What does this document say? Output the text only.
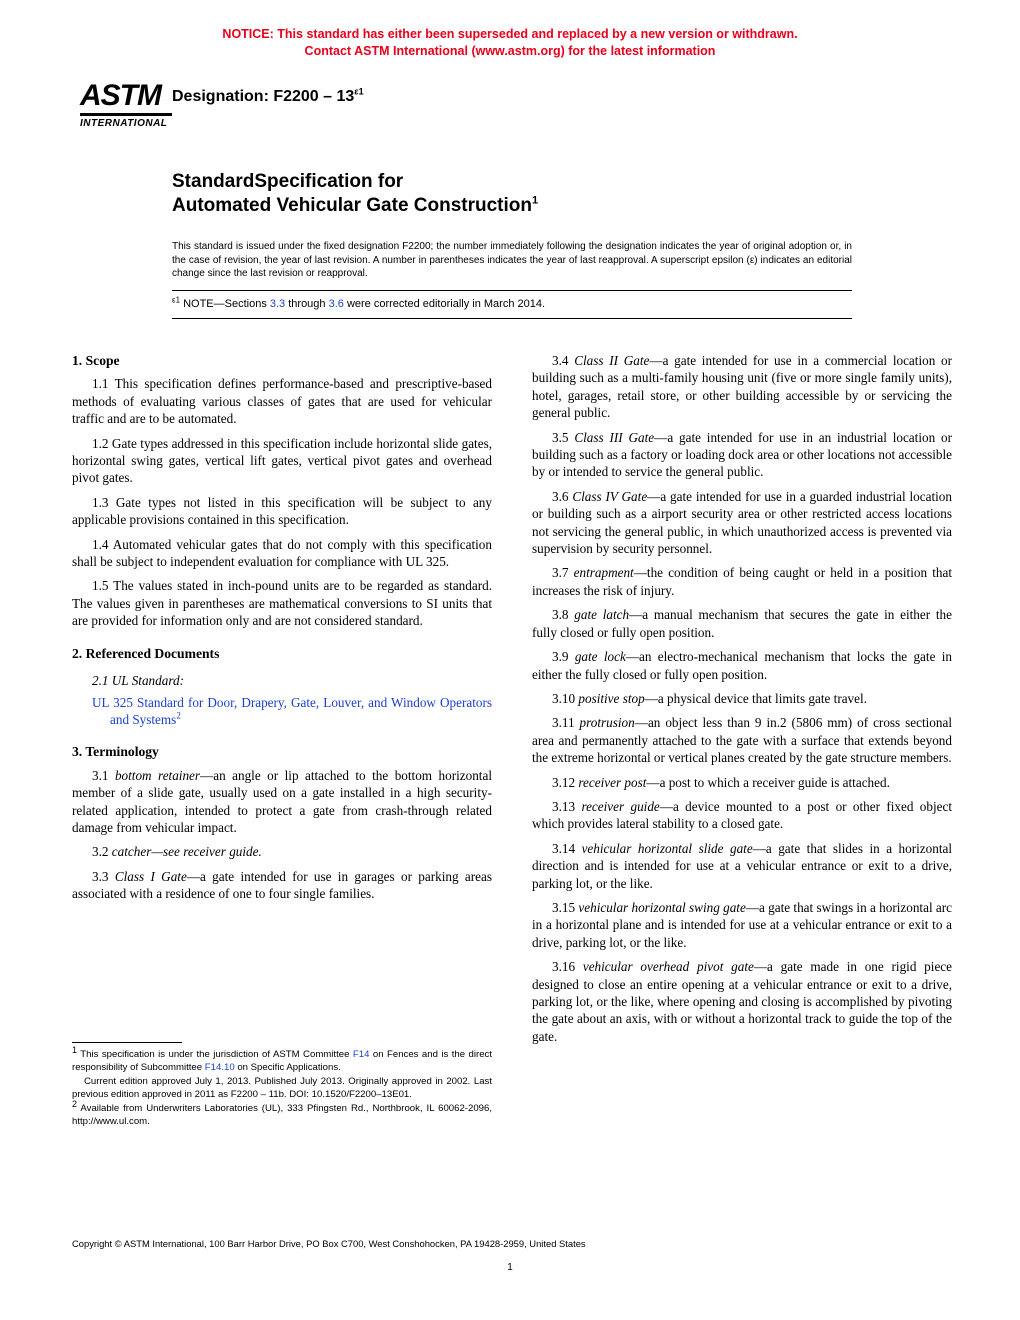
NOTICE: This standard has either been superseded and replaced by a new version or withdrawn.
Contact ASTM International (www.astm.org) for the latest information
ASTM
INTERNATIONAL
Designation: $F2200 - 13^{\varepsilon 1}$
StandardSpecification for
Automated Vehicular Gate Construction$^1$
This standard is issued under the fixed designation F2200; the number immediately following the designation indicates the year of original adoption or, in the case of revision, the year of last revision. A number in parentheses indicates the year of last reapproval. A superscript epsilon (ε) indicates an editorial change since the last revision or reapproval.
$^{\varepsilon 1}$ NOTE—Sections 3.3 through 3.6 were corrected editorially in March 2014.
1. Scope

1.1 This specification defines performance-based and prescriptive-based methods of evaluating various classes of gates that are used for vehicular traffic and are to be automated.

1.2 Gate types addressed in this specification include horizontal slide gates, horizontal swing gates, vertical lift gates, vertical pivot gates and overhead pivot gates.

1.3 Gate types not listed in this specification will be subject to any applicable provisions contained in this specification.

1.4 Automated vehicular gates that do not comply with this specification shall be subject to independent evaluation for compliance with UL 325.

1.5 The values stated in inch-pound units are to be regarded as standard. The values given in parentheses are mathematical conversions to SI units that are provided for information only and are not considered standard.

2. Referenced Documents
2.1 UL Standard:

UL 325 Standard for Door, Drapery, Gate, Louver, and Window Operators and Systems$^2$

3. Terminology

3.1 bottom retainer—an angle or lip attached to the bottom horizontal member of a slide gate, usually used on a gate installed in a high security-related application, intended to protect a gate from crash-through related damage from vehicular impact.

3.2 catcher—see receiver guide.

3.3 Class I Gate—a gate intended for use in garages or parking areas associated with a residence of one to four single families.

3.4 Class II Gate—a gate intended for use in a commercial location or building such as a multi-family housing unit (five or more single family units), hotel, garages, retail store, or other building accessible by or servicing the general public.

3.5 Class III Gate—a gate intended for use in an industrial location or building such as a factory or loading dock area or other locations not accessible by or intended to service the general public.

3.6 Class IV Gate—a gate intended for use in a guarded industrial location or building such as a airport security area or other restricted access locations not servicing the general public, in which unauthorized access is prevented via supervision by security personnel.

3.7 entrapment—the condition of being caught or held in a position that increases the risk of injury.

3.8 gate latch—a manual mechanism that secures the gate in either the fully closed or fully open position.

3.9 gate lock—an electro-mechanical mechanism that locks the gate in either the fully closed or fully open position.

3.10 positive stop—a physical device that limits gate travel.

3.11 protrusion—an object less than 9 in.2 (5806 mm) of cross sectional area and permanently attached to the gate with a surface that extends beyond the extreme horizontal or vertical planes created by the gate structure members.

3.12 receiver post—a post to which a receiver guide is attached.

3.13 receiver guide—a device mounted to a post or other fixed object which provides lateral stability to a closed gate.

3.14 vehicular horizontal slide gate—a gate that slides in a horizontal direction and is intended for use at a vehicular entrance or exit to a drive, parking lot, or the like.

3.15 vehicular horizontal swing gate—a gate that swings in a horizontal arc in a horizontal plane and is intended for use at a vehicular entrance or exit to a drive, parking lot, or the like.

3.16 vehicular overhead pivot gate—a gate made in one rigid piece designed to close an entire opening at a vehicular entrance or exit to a drive, parking lot, or the like, where opening and closing is accomplished by pivoting the gate about an axis, with or without a horizontal track to guide the top of the gate.

$^1$ This specification is under the jurisdiction of ASTM Committee F14 on Fences and is the direct responsibility of Subcommittee F14.10 on Specific Applications.

Current edition approved July 1, 2013. Published July 2013. Originally approved in 2002. Last previous edition approved in 2011 as F2200 – 11b. DOI: 10.1520/F2200–13E01.

$^2$ Available from Underwriters Laboratories (UL), 333 Pfingsten Rd., Northbrook, IL 60062-2096, http://www.ul.com.

Copyright © ASTM International, 100 Barr Harbor Drive, PO Box C700, West Conshohocken, PA 19428-2959, United States
1
